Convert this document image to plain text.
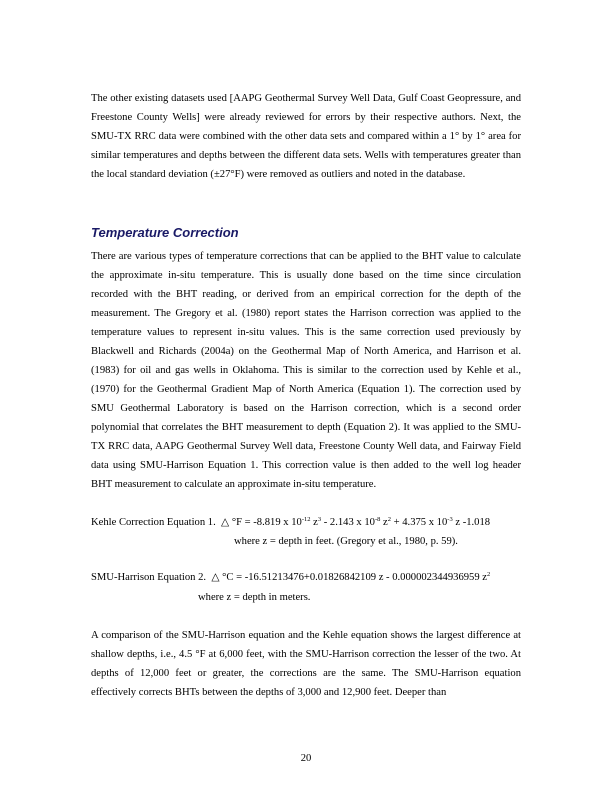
The other existing datasets used [AAPG Geothermal Survey Well Data, Gulf Coast Geopressure, and Freestone County Wells] were already reviewed for errors by their respective authors. Next, the SMU-TX RRC data were combined with the other data sets and compared within a 1° by 1° area for similar temperatures and depths between the different data sets. Wells with temperatures greater than the local standard deviation (±27°F) were removed as outliers and noted in the database.

Temperature Correction

There are various types of temperature corrections that can be applied to the BHT value to calculate the approximate in-situ temperature. This is usually done based on the time since circulation recorded with the BHT reading, or derived from an empirical correction for the depth of the measurement. The Gregory et al. (1980) report states the Harrison correction was applied to the temperature values to represent in-situ values. This is the same correction used previously by Blackwell and Richards (2004a) on the Geothermal Map of North America, and Harrison et al. (1983) for oil and gas wells in Oklahoma. This is similar to the correction used by Kehle et al., (1970) for the Geothermal Gradient Map of North America (Equation 1). The correction used by SMU Geothermal Laboratory is based on the Harrison correction, which is a second order polynomial that correlates the BHT measurement to depth (Equation 2). It was applied to the SMU-TX RRC data, AAPG Geothermal Survey Well data, Freestone County Well data, and Fairway Field data using SMU-Harrison Equation 1. This correction value is then added to the well log header BHT measurement to calculate an approximate in-situ temperature.

Kehle Correction Equation 1. △ °F = -8.819 x $10^{-12}$ $z^3 - 2.143$ x $10^{-8}$ $z^2 + 4.375$ x $10^{-3}$ z -1.018
where z = depth in feet. (Gregory et al., 1980, p. 59).
SMU-Harrison Equation 2. △ °C = -16.51213476+0.01826842109 z - 0.000002344936959 $z^2$
where z = depth in meters.

A comparison of the SMU-Harrison equation and the Kehle equation shows the largest difference at shallow depths, i.e., 4.5 °F at 6,000 feet, with the SMU-Harrison correction the lesser of the two. At depths of 12,000 feet or greater, the corrections are the same. The SMU-Harrison equation effectively corrects BHTs between the depths of 3,000 and 12,900 feet. Deeper than

20
